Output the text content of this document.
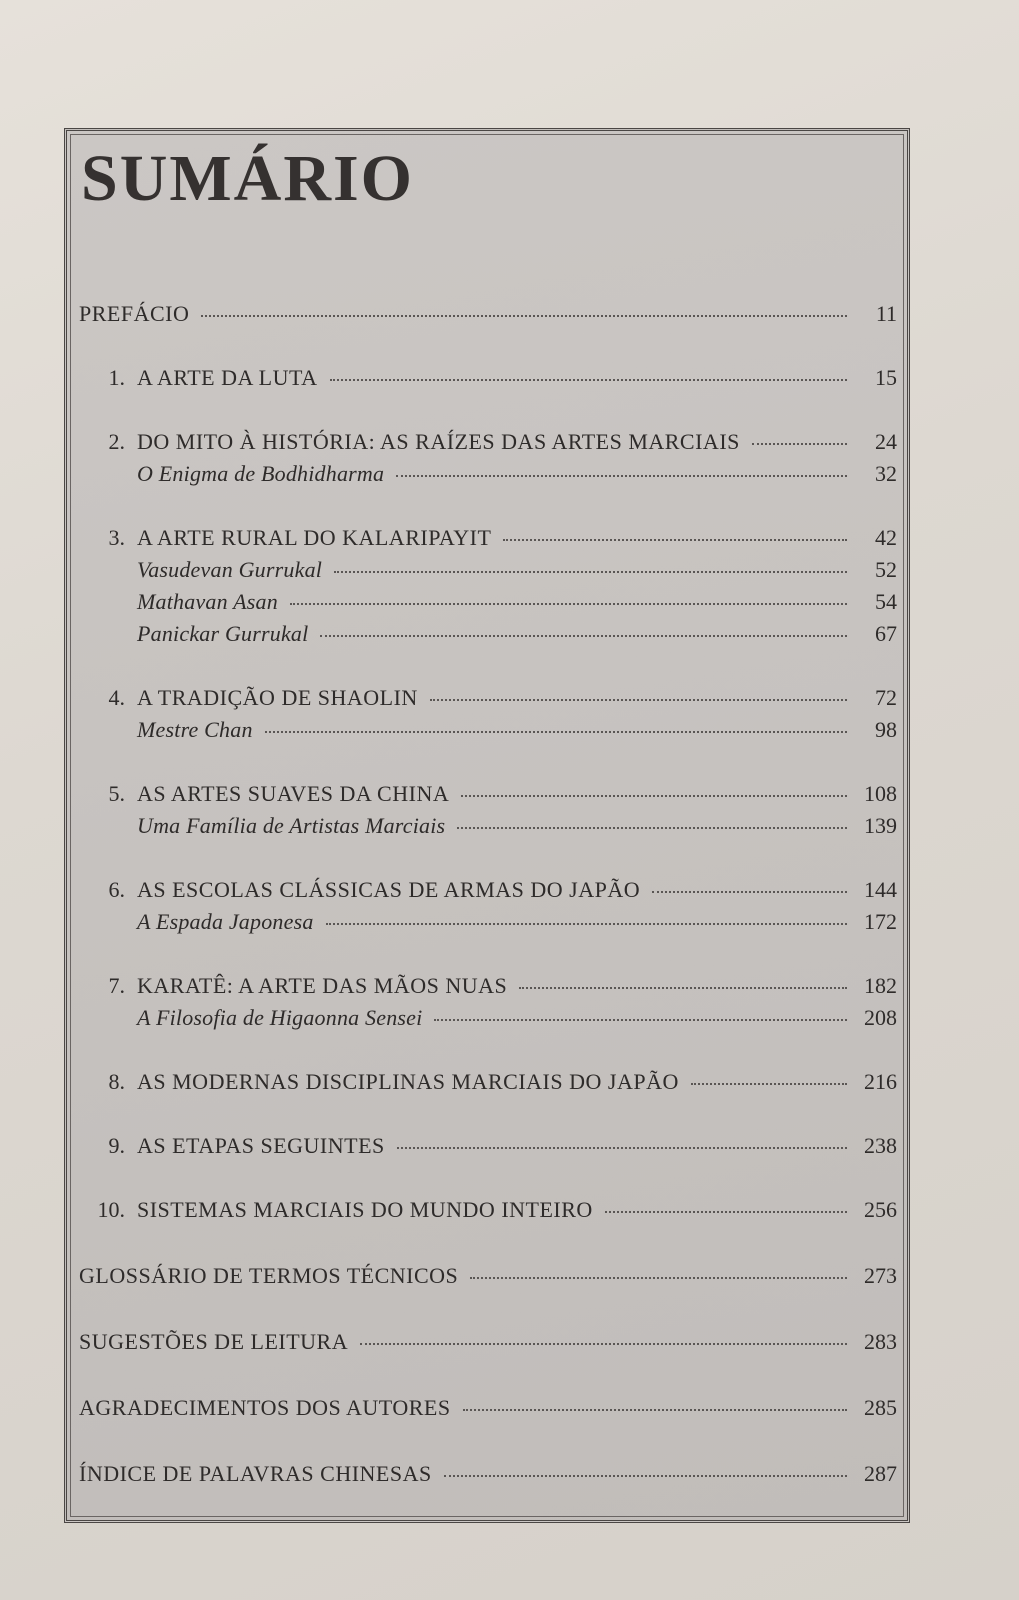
SUMÁRIO
PREFÁCIO	11
1. A ARTE DA LUTA	15
2. DO MITO À HISTÓRIA: AS RAÍZES DAS ARTES MARCIAIS	24
O Enigma de Bodhidharma	32
3. A ARTE RURAL DO KALARIPAYIT	42
Vasudevan Gurrukal	52
Mathavan Asan	54
Panickar Gurrukal	67
4. A TRADIÇÃO DE SHAOLIN	72
Mestre Chan	98
5. AS ARTES SUAVES DA CHINA	108
Uma Família de Artistas Marciais	139
6. AS ESCOLAS CLÁSSICAS DE ARMAS DO JAPÃO	144
A Espada Japonesa	172
7. KARATÊ: A ARTE DAS MÃOS NUAS	182
A Filosofia de Higaonna Sensei	208
8. AS MODERNAS DISCIPLINAS MARCIAIS DO JAPÃO	216
9. AS ETAPAS SEGUINTES	238
10. SISTEMAS MARCIAIS DO MUNDO INTEIRO	256
GLOSSÁRIO DE TERMOS TÉCNICOS	273
SUGESTÕES DE LEITURA	283
AGRADECIMENTOS DOS AUTORES	285
ÍNDICE DE PALAVRAS CHINESAS	287
